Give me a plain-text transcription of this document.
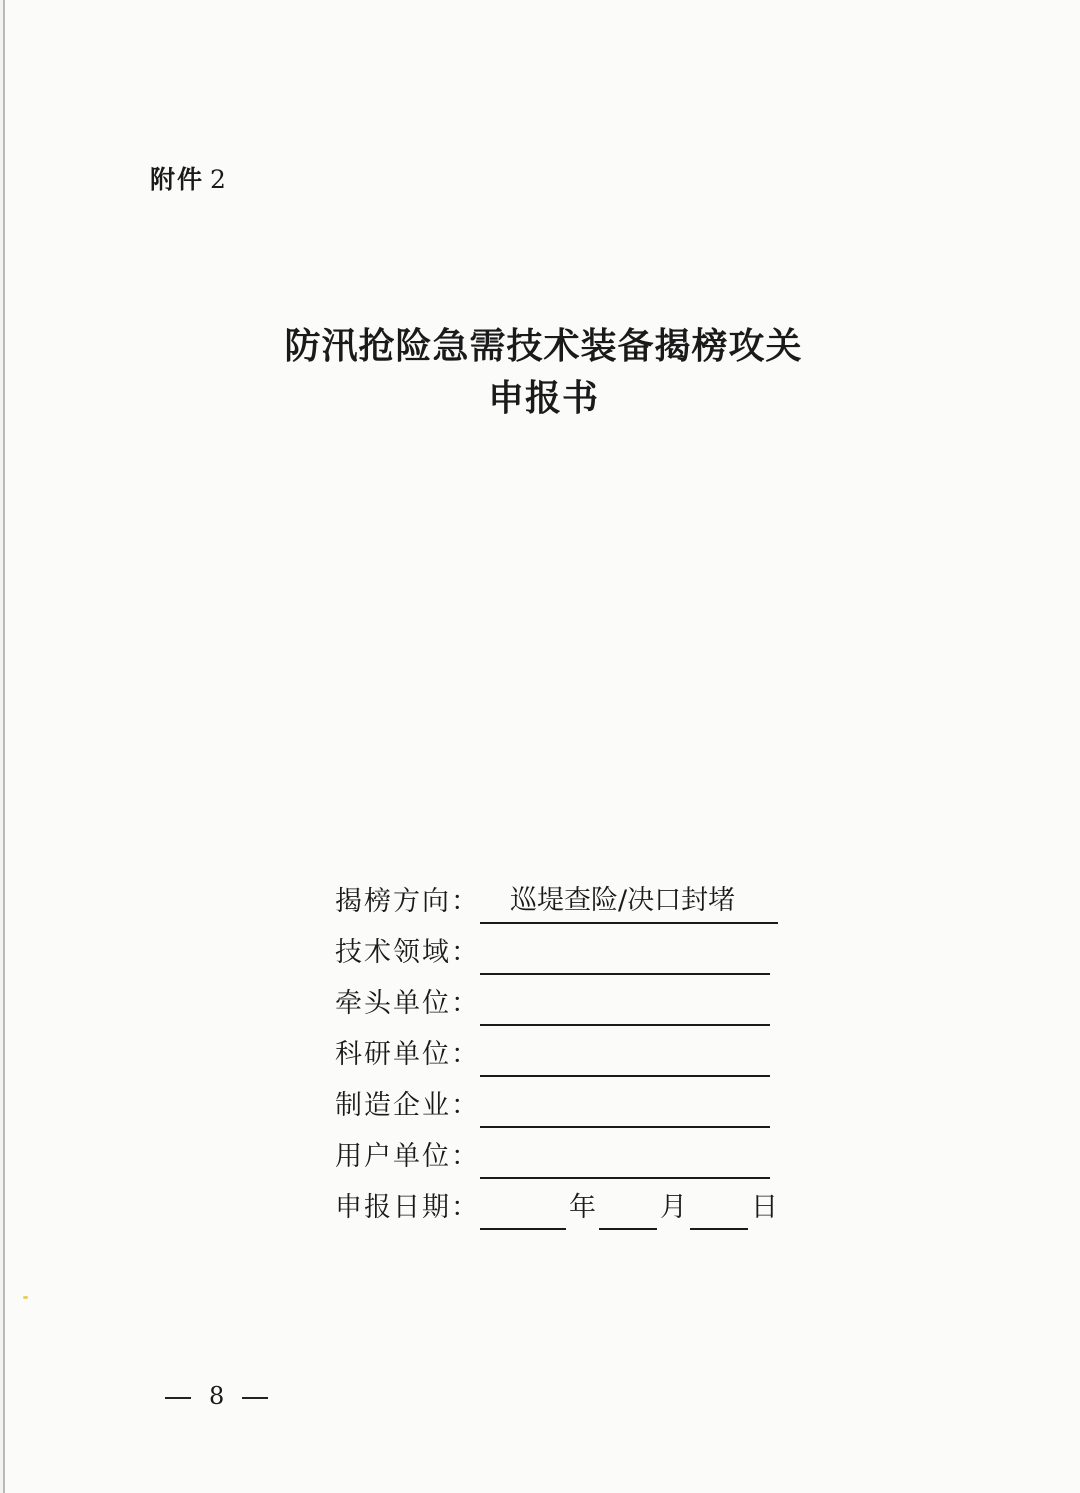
附件 2
防汛抢险急需技术装备揭榜攻关
申报书
揭榜方向： 巡堤查险/决口封堵
技术领域：
牵头单位：
科研单位：
制造企业：
用户单位：
申报日期：	年 月 日
8
